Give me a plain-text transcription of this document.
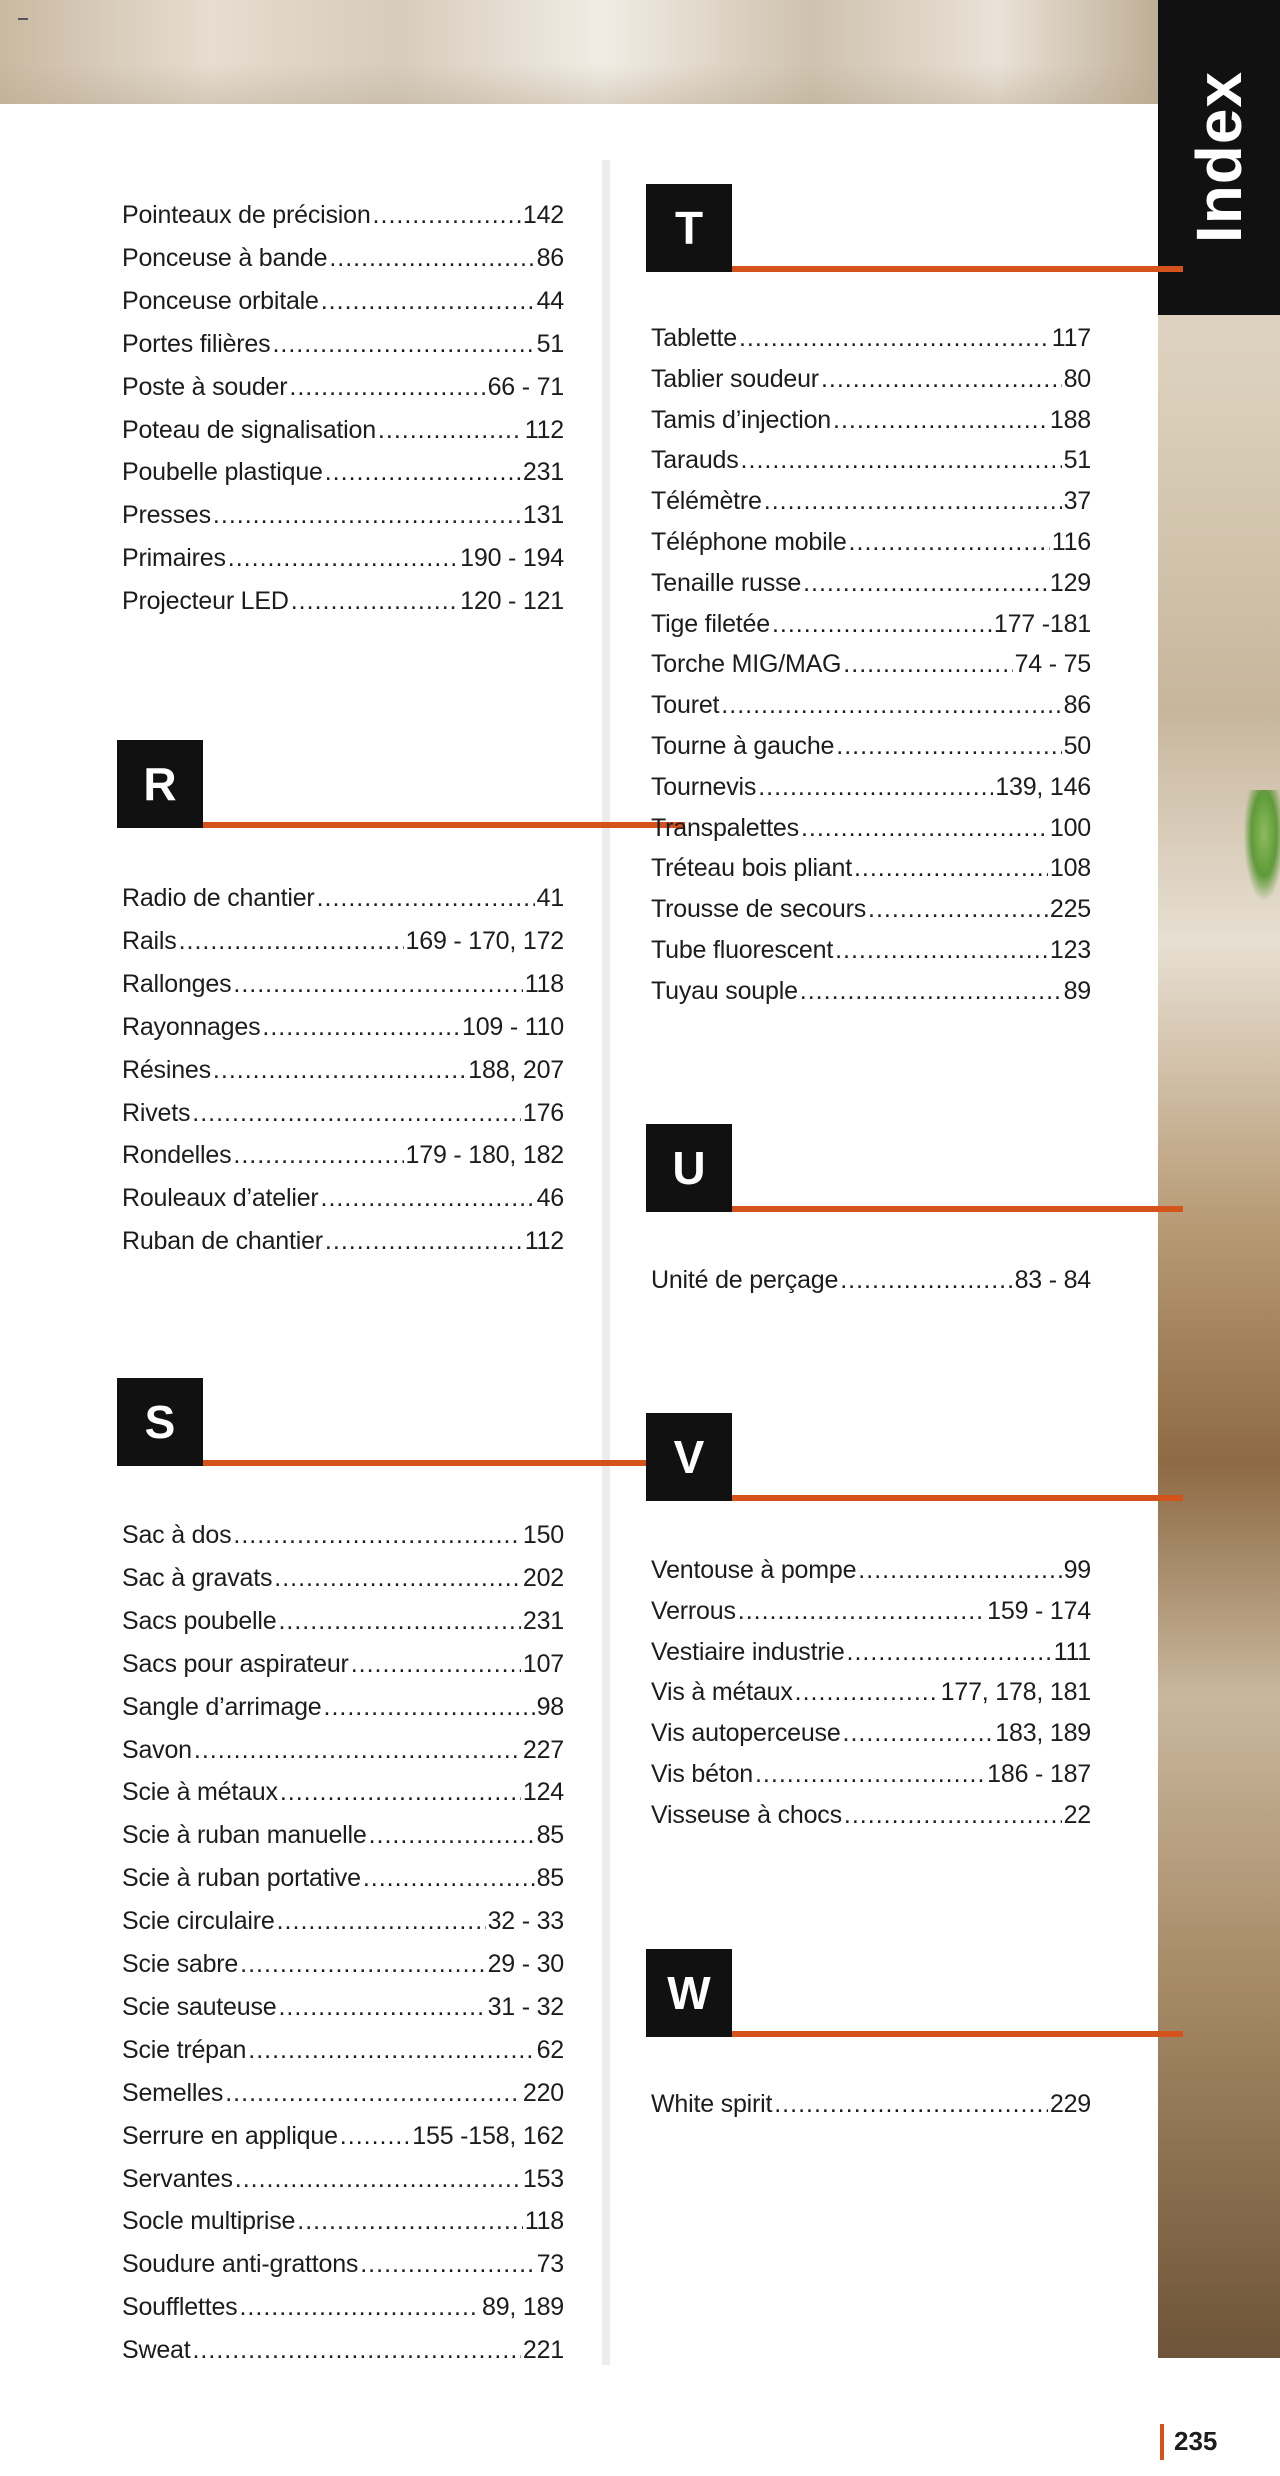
Index
Pointeaux de précision .....	142
Ponceuse à bande .....	86
Ponceuse orbitale .....	44
Portes filières .....	51
Poste à souder .....	66 - 71
Poteau de signalisation .....	112
Poubelle plastique .....	231
Presses .....	131
Primaires .....	190 - 194
Projecteur LED .....	120 - 121
R
Radio de chantier .....	41
Rails .....	169 - 170, 172
Rallonges .....	118
Rayonnages .....	109 - 110
Résines .....	188, 207
Rivets .....	176
Rondelles .....	179 - 180, 182
Rouleaux d’atelier .....	46
Ruban de chantier .....	112
S
Sac à dos .....	150
Sac à gravats .....	202
Sacs poubelle .....	231
Sacs pour aspirateur .....	107
Sangle d’arrimage .....	98
Savon .....	227
Scie à métaux .....	124
Scie à ruban manuelle .....	85
Scie à ruban portative .....	85
Scie circulaire .....	32 - 33
Scie sabre .....	29 - 30
Scie sauteuse .....	31 - 32
Scie trépan .....	62
Semelles .....	220
Serrure en applique .....	155 -158, 162
Servantes .....	153
Socle multiprise .....	118
Soudure anti-grattons .....	73
Soufflettes .....	89, 189
Sweat .....	221
T
Tablette .....	117
Tablier soudeur .....	80
Tamis d’injection .....	188
Tarauds .....	51
Télémètre .....	37
Téléphone mobile .....	116
Tenaille russe .....	129
Tige filetée .....	177 -181
Torche MIG/MAG .....	74 - 75
Touret .....	86
Tourne à gauche .....	50
Tournevis .....	139, 146
Transpalettes .....	100
Tréteau bois pliant .....	108
Trousse de secours .....	225
Tube fluorescent .....	123
Tuyau souple .....	89
U
Unité de perçage .....	83 - 84
V
Ventouse à pompe .....	99
Verrous .....	159 - 174
Vestiaire industrie .....	111
Vis à métaux .....	177, 178, 181
Vis autoperceuse .....	183, 189
Vis béton .....	186 - 187
Visseuse à chocs .....	22
W
White spirit .....	229
235
